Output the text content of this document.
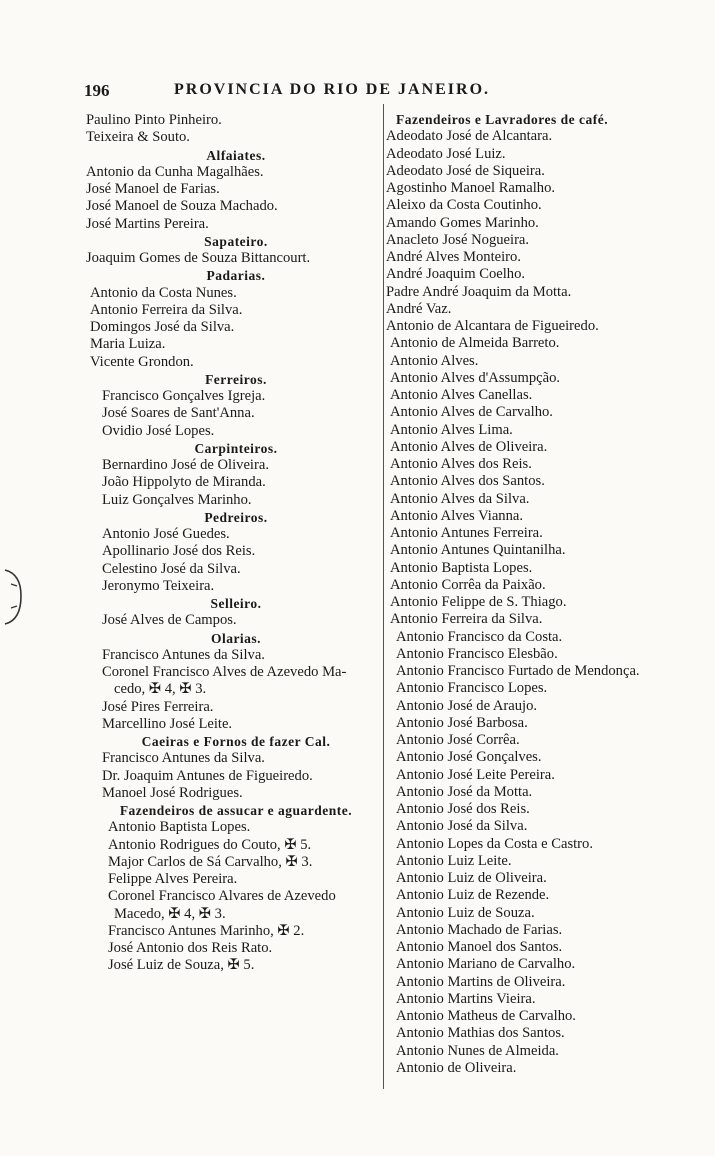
196	PROVINCIA DO RIO DE JANEIRO.
Paulino Pinto Pinheiro.
Teixeira & Souto.
Alfaiates.
Antonio da Cunha Magalhães.
José Manoel de Farias.
José Manoel de Souza Machado.
José Martins Pereira.
Sapateiro.
Joaquim Gomes de Souza Bittancourt.
Padarias.
Antonio da Costa Nunes.
Antonio Ferreira da Silva.
Domingos José da Silva.
Maria Luiza.
Vicente Grondon.
Ferreiros.
Francisco Gonçalves Igreja.
José Soares de Sant'Anna.
Ovidio José Lopes.
Carpinteiros.
Bernardino José de Oliveira.
João Hippolyto de Miranda.
Luiz Gonçalves Marinho.
Pedreiros.
Antonio José Guedes.
Apollinario José dos Reis.
Celestino José da Silva.
Jeronymo Teixeira.
Selleiro.
José Alves de Campos.
Olarias.
Francisco Antunes da Silva.
Coronel Francisco Alves de Azevedo Ma-
cedo, ✠ 4, ✠ 3.
José Pires Ferreira.
Marcellino José Leite.
Caeiras e Fornos de fazer Cal.
Francisco Antunes da Silva.
Dr. Joaquim Antunes de Figueiredo.
Manoel José Rodrigues.
Fazendeiros de assucar e aguardente.
Antonio Baptista Lopes.
Antonio Rodrigues do Couto, ✠ 5.
Major Carlos de Sá Carvalho, ✠ 3.
Felippe Alves Pereira.
Coronel Francisco Alvares de Azevedo
Macedo, ✠ 4, ✠ 3.
Francisco Antunes Marinho, ✠ 2.
José Antonio dos Reis Rato.
José Luiz de Souza, ✠ 5.
Fazendeiros e Lavradores de café.
Adeodato José de Alcantara.
Adeodato José Luiz.
Adeodato José de Siqueira.
Agostinho Manoel Ramalho.
Aleixo da Costa Coutinho.
Amando Gomes Marinho.
Anacleto José Nogueira.
André Alves Monteiro.
André Joaquim Coelho.
Padre André Joaquim da Motta.
André Vaz.
Antonio de Alcantara de Figueiredo.
Antonio de Almeida Barreto.
Antonio Alves.
Antonio Alves d'Assumpção.
Antonio Alves Canellas.
Antonio Alves de Carvalho.
Antonio Alves Lima.
Antonio Alves de Oliveira.
Antonio Alves dos Reis.
Antonio Alves dos Santos.
Antonio Alves da Silva.
Antonio Alves Vianna.
Antonio Antunes Ferreira.
Antonio Antunes Quintanilha.
Antonio Baptista Lopes.
Antonio Corrêa da Paixão.
Antonio Felippe de S. Thiago.
Antonio Ferreira da Silva.
Antonio Francisco da Costa.
Antonio Francisco Elesbão.
Antonio Francisco Furtado de Mendonça.
Antonio Francisco Lopes.
Antonio José de Araujo.
Antonio José Barbosa.
Antonio José Corrêa.
Antonio José Gonçalves.
Antonio José Leite Pereira.
Antonio José da Motta.
Antonio José dos Reis.
Antonio José da Silva.
Antonio Lopes da Costa e Castro.
Antonio Luiz Leite.
Antonio Luiz de Oliveira.
Antonio Luiz de Rezende.
Antonio Luiz de Souza.
Antonio Machado de Farias.
Antonio Manoel dos Santos.
Antonio Mariano de Carvalho.
Antonio Martins de Oliveira.
Antonio Martins Vieira.
Antonio Matheus de Carvalho.
Antonio Mathias dos Santos.
Antonio Nunes de Almeida.
Antonio de Oliveira.
